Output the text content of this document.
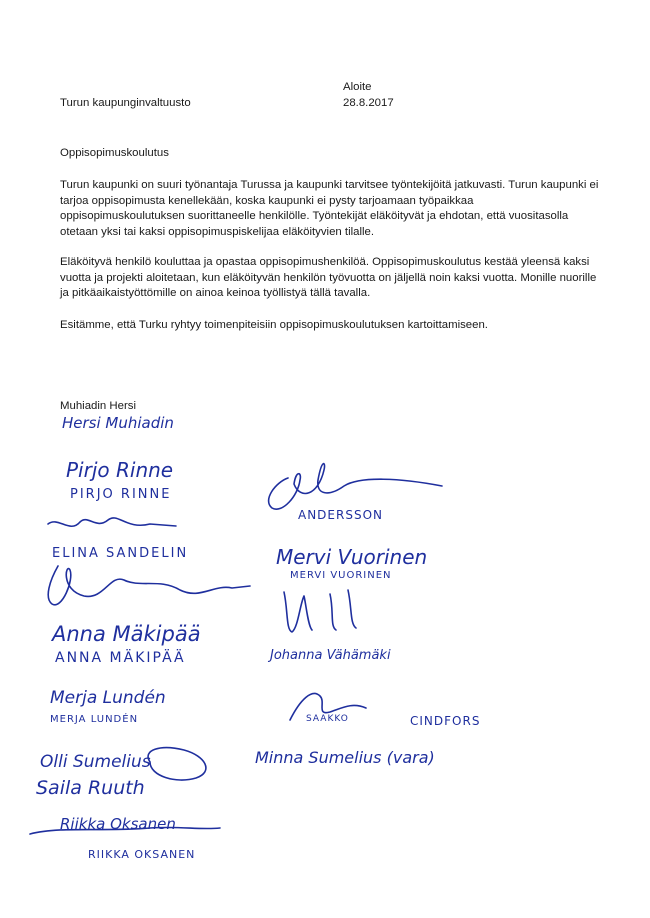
Aloite
28.8.2017
Turun kaupunginvaltuusto
Oppisopimuskoulutus
Turun kaupunki on suuri työnantaja Turussa ja kaupunki tarvitsee työntekijöitä jatkuvasti. Turun kaupunki ei tarjoa oppisopimusta kenellekään, koska kaupunki ei pysty tarjoamaan työpaikkaa oppisopimuskoulutuksen suorittaneelle henkilölle. Työntekijät eläköityvät ja ehdotan, että vuositasolla otetaan yksi tai kaksi oppisopimuspiskelijaa eläköityvien tilalle.
Eläköityvä henkilö kouluttaa ja opastaa oppisopimushenkilöä. Oppisopimuskoulutus kestää yleensä kaksi vuotta ja projekti aloitetaan, kun eläköityvän henkilön työvuotta on jäljellä noin kaksi vuotta. Monille nuorille ja pitkäaikaistyöttömille on ainoa keinoa työllistyä tällä tavalla.
Esitämme, että Turku ryhtyy toimenpiteisiin oppisopimuskoulutuksen kartoittamiseen.
Muhiadin Hersi
Hersi Muhiadin
Pirjo Rinne
PIRJO RINNE
ANDERSSON
ELINA SANDELIN	Mervi Vuorinen
MERVI VUORINEN
Anna Mäkipää
ANNA MÄKIPÄÄ	Johanna Vähämäki
Merja Lundén
MERJA LUNDÉN	SAAKKO	CINDFORS
Minna Sumelius (vara)
Olli Sumelius
Saila Ruuth
Riikka Oksanen
RIIKKA OKSANEN
